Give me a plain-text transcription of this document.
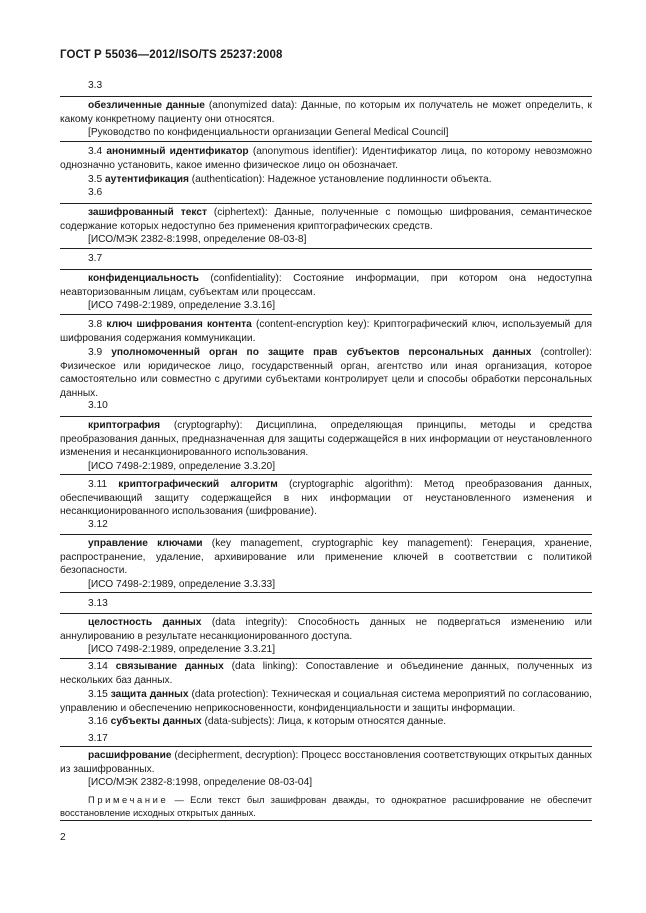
ГОСТ Р 55036—2012/ISO/TS 25237:2008
3.3
обезличенные данные (anonymized data): Данные, по которым их получатель не может определить, к какому конкретному пациенту они относятся.
[Руководство по конфиденциальности организации General Medical Council]
3.4 анонимный идентификатор (anonymous identifier): Идентификатор лица, по которому невозможно однозначно установить, какое именно физическое лицо он обозначает.
3.5 аутентификация (authentication): Надежное установление подлинности объекта.
3.6
зашифрованный текст (ciphertext): Данные, полученные с помощью шифрования, семантическое содержание которых недоступно без применения криптографических средств.
[ИСО/МЭК 2382-8:1998, определение 08-03-8]
3.7
конфиденциальность (confidentiality): Состояние информации, при котором она недоступна неавторизованным лицам, субъектам или процессам.
[ИСО 7498-2:1989, определение 3.3.16]
3.8 ключ шифрования контента (content-encryption key): Криптографический ключ, используемый для шифрования содержания коммуникации.
3.9 уполномоченный орган по защите прав субъектов персональных данных (controller): Физическое или юридическое лицо, государственный орган, агентство или иная организация, которое самостоятельно или совместно с другими субъектами контролирует цели и способы обработки персональных данных.
3.10
криптография (cryptography): Дисциплина, определяющая принципы, методы и средства преобразования данных, предназначенная для защиты содержащейся в них информации от неустановленного изменения и несанкционированного использования.
[ИСО 7498-2:1989, определение 3.3.20]
3.11 криптографический алгоритм (cryptographic algorithm): Метод преобразования данных, обеспечивающий защиту содержащейся в них информации от неустановленного изменения и несанкционированного использования (шифрование).
3.12
управление ключами (key management, cryptographic key management): Генерация, хранение, распространение, удаление, архивирование или применение ключей в соответствии с политикой безопасности.
[ИСО 7498-2:1989, определение 3.3.33]
3.13
целостность данных (data integrity): Способность данных не подвергаться изменению или аннулированию в результате несанкционированного доступа.
[ИСО 7498-2:1989, определение 3.3.21]
3.14 связывание данных (data linking): Сопоставление и объединение данных, полученных из нескольких баз данных.
3.15 защита данных (data protection): Техническая и социальная система мероприятий по согласованию, управлению и обеспечению неприкосновенности, конфиденциальности и защиты информации.
3.16 субъекты данных (data-subjects): Лица, к которым относятся данные.
3.17
расшифрование (decipherment, decryption): Процесс восстановления соответствующих открытых данных из зашифрованных.
[ИСО/МЭК 2382-8:1998, определение 08-03-04]
Примечание — Если текст был зашифрован дважды, то однократное расшифрование не обеспечит восстановление исходных открытых данных.
2
